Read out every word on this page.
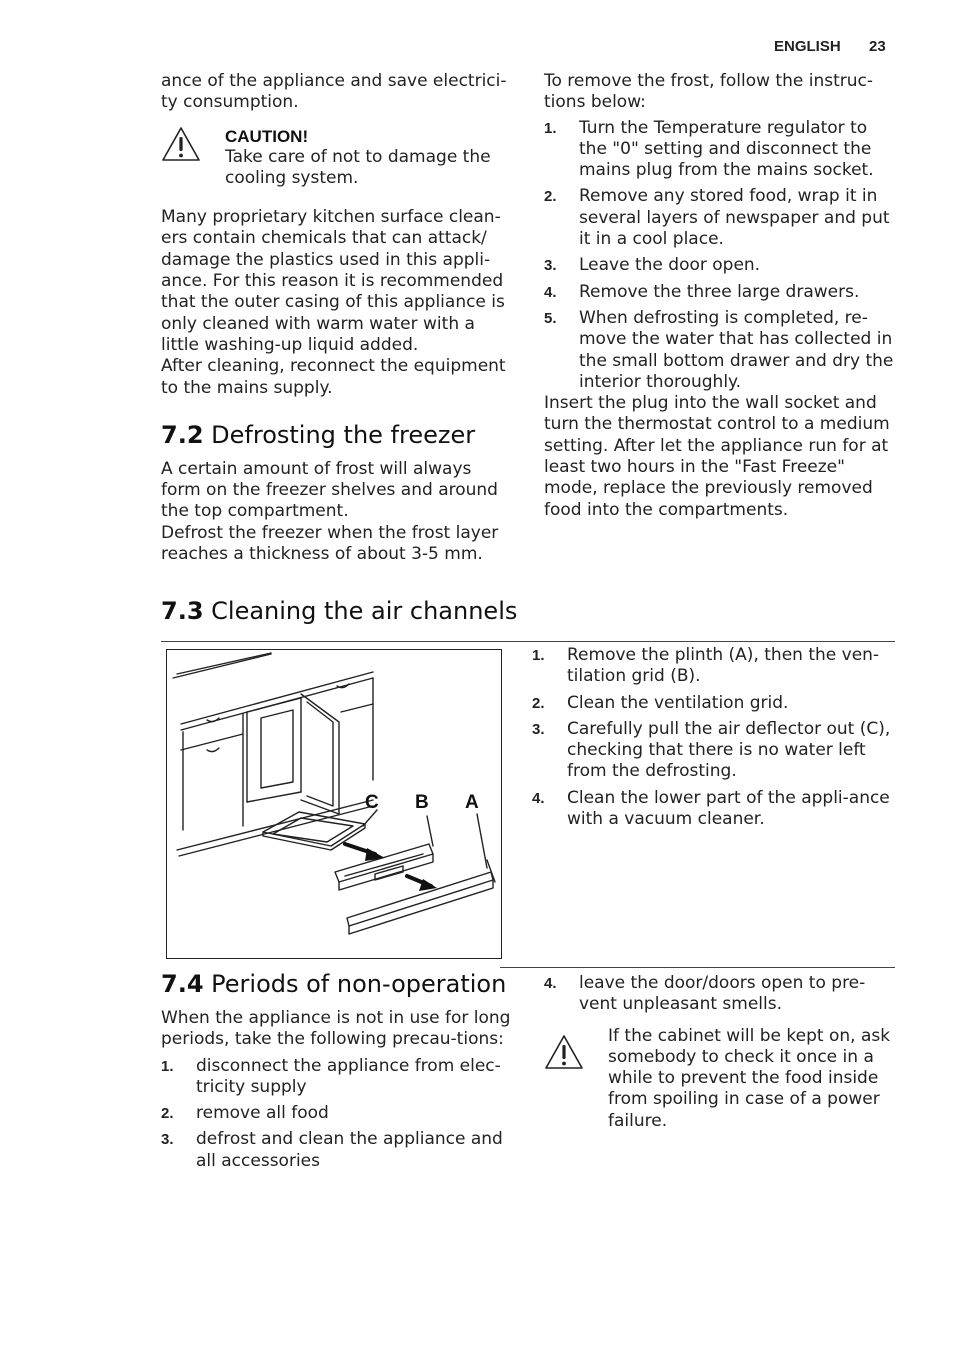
ENGLISH 23

ance of the appliance and save electrici-ty consumption.

CAUTION!

Take care of not to damage the cooling system.

Many proprietary kitchen surface clean-ers contain chemicals that can attack/ damage the plastics used in this appli-ance. For this reason it is recommended that the outer casing of this appliance is only cleaned with warm water with a little washing-up liquid added.

After cleaning, reconnect the equipment to the mains supply.

7.2 Defrosting the freezer

A certain amount of frost will always form on the freezer shelves and around the top compartment.

Defrost the freezer when the frost layer reaches a thickness of about 3-5 mm.

To remove the frost, follow the instruc-tions below:

1. Turn the Temperature regulator to the "0" setting and disconnect the mains plug from the mains socket.
2. Remove any stored food, wrap it in several layers of newspaper and put it in a cool place.
3. Leave the door open.
4. Remove the three large drawers.
5. When defrosting is completed, re-move the water that has collected in the small bottom drawer and dry the interior thoroughly.

Insert the plug into the wall socket and turn the thermostat control to a medium setting. After let the appliance run for at least two hours in the "Fast Freeze" mode, replace the previously removed food into the compartments.

7.3 Cleaning the air channels
C B A
1. Remove the plinth (A), then the ven-tilation grid (B).
2. Clean the ventilation grid.
3. Carefully pull the air deflector out (C), checking that there is no water left from the defrosting.
4. Clean the lower part of the appli-ance with a vacuum cleaner.
7.4 Periods of non-operation

When the appliance is not in use for long periods, take the following precau-tions:

1. disconnect the appliance from elec-tricity supply
2. remove all food
3. defrost and clean the appliance and all accessories
4. leave the door/doors open to pre-vent unpleasant smells.

If the cabinet will be kept on, ask somebody to check it once in a while to prevent the food inside from spoiling in case of a power failure.
